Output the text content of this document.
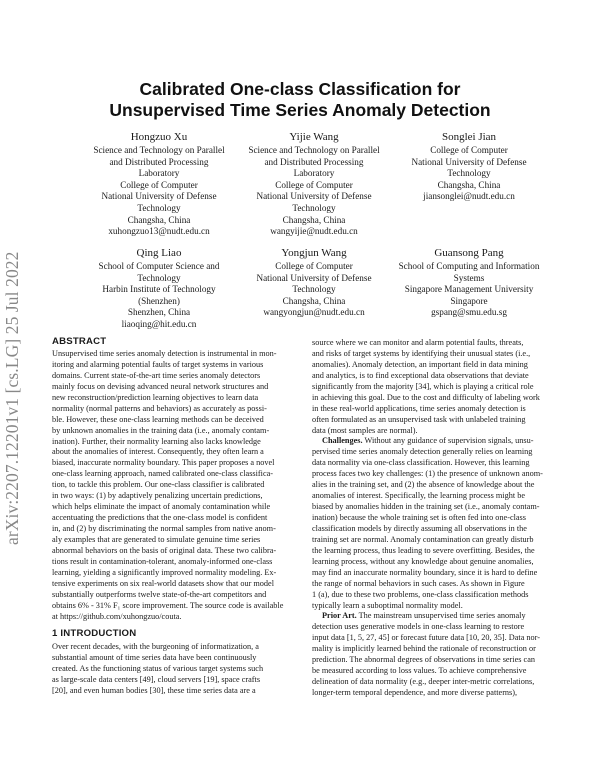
arXiv:2207.12201v1 [cs.LG] 25 Jul 2022
Calibrated One-class Classification for
Unsupervised Time Series Anomaly Detection
Hongzuo Xu
Science and Technology on Parallel
and Distributed Processing
Laboratory
College of Computer
National University of Defense
Technology
Changsha, China
xuhongzuo13@nudt.edu.cn
Yijie Wang
Science and Technology on Parallel
and Distributed Processing
Laboratory
College of Computer
National University of Defense
Technology
Changsha, China
wangyijie@nudt.edu.cn
Songlei Jian
College of Computer
National University of Defense
Technology
Changsha, China
jiansonglei@nudt.edu.cn
Qing Liao
School of Computer Science and
Technology
Harbin Institute of Technology
(Shenzhen)
Shenzhen, China
liaoqing@hit.edu.cn
Yongjun Wang
College of Computer
National University of Defense
Technology
Changsha, China
wangyongjun@nudt.edu.cn
Guansong Pang
School of Computing and Information
Systems
Singapore Management University
Singapore
gspang@smu.edu.sg
ABSTRACT
Unsupervised time series anomaly detection is instrumental in mon-
itoring and alarming potential faults of target systems in various
domains. Current state-of-the-art time series anomaly detectors
mainly focus on devising advanced neural network structures and
new reconstruction/prediction learning objectives to learn data
normality (normal patterns and behaviors) as accurately as possi-
ble. However, these one-class learning methods can be deceived
by unknown anomalies in the training data (i.e., anomaly contam-
ination). Further, their normality learning also lacks knowledge
about the anomalies of interest. Consequently, they often learn a
biased, inaccurate normality boundary. This paper proposes a novel
one-class learning approach, named calibrated one-class classifica-
tion, to tackle this problem. Our one-class classifier is calibrated
in two ways: (1) by adaptively penalizing uncertain predictions,
which helps eliminate the impact of anomaly contamination while
accentuating the predictions that the one-class model is confident
in, and (2) by discriminating the normal samples from native anom-
aly examples that are generated to simulate genuine time series
abnormal behaviors on the basis of original data. These two calibra-
tions result in contamination-tolerant, anomaly-informed one-class
learning, yielding a significantly improved normality modeling. Ex-
tensive experiments on six real-world datasets show that our model
substantially outperforms twelve state-of-the-art competitors and
obtains 6% - 31% F₁ score improvement. The source code is available
at https://github.com/xuhongzuo/couta.
1 INTRODUCTION
Over recent decades, with the burgeoning of informatization, a
substantial amount of time series data have been continuously
created. As the functioning status of various target systems such
as large-scale data centers [49], cloud servers [19], space crafts
[20], and even human bodies [30], these time series data are a
source where we can monitor and alarm potential faults, threats,
and risks of target systems by identifying their unusual states (i.e.,
anomalies). Anomaly detection, an important field in data mining
and analytics, is to find exceptional data observations that deviate
significantly from the majority [34], which is playing a critical role
in achieving this goal. Due to the cost and difficulty of labeling work
in these real-world applications, time series anomaly detection is
often formulated as an unsupervised task with unlabeled training
data (most samples are normal).
Challenges. Without any guidance of supervision signals, unsu-
pervised time series anomaly detection generally relies on learning
data normality via one-class classification. However, this learning
process faces two key challenges: (1) the presence of unknown anom-
alies in the training set, and (2) the absence of knowledge about the
anomalies of interest. Specifically, the learning process might be
biased by anomalies hidden in the training set (i.e., anomaly contam-
ination) because the whole training set is often fed into one-class
classification models by directly assuming all observations in the
training set are normal. Anomaly contamination can greatly disturb
the learning process, thus leading to severe overfitting. Besides, the
learning process, without any knowledge about genuine anomalies,
may find an inaccurate normality boundary, since it is hard to define
the range of normal behaviors in such cases. As shown in Figure
1 (a), due to these two problems, one-class classification methods
typically learn a suboptimal normality model.
Prior Art. The mainstream unsupervised time series anomaly
detection uses generative models in one-class learning to restore
input data [1, 5, 27, 45] or forecast future data [10, 20, 35]. Data nor-
mality is implicitly learned behind the rationale of reconstruction or
prediction. The abnormal degrees of observations in time series can
be measured according to loss values. To achieve comprehensive
delineation of data normality (e.g., deeper inter-metric correlations,
longer-term temporal dependence, and more diverse patterns),
